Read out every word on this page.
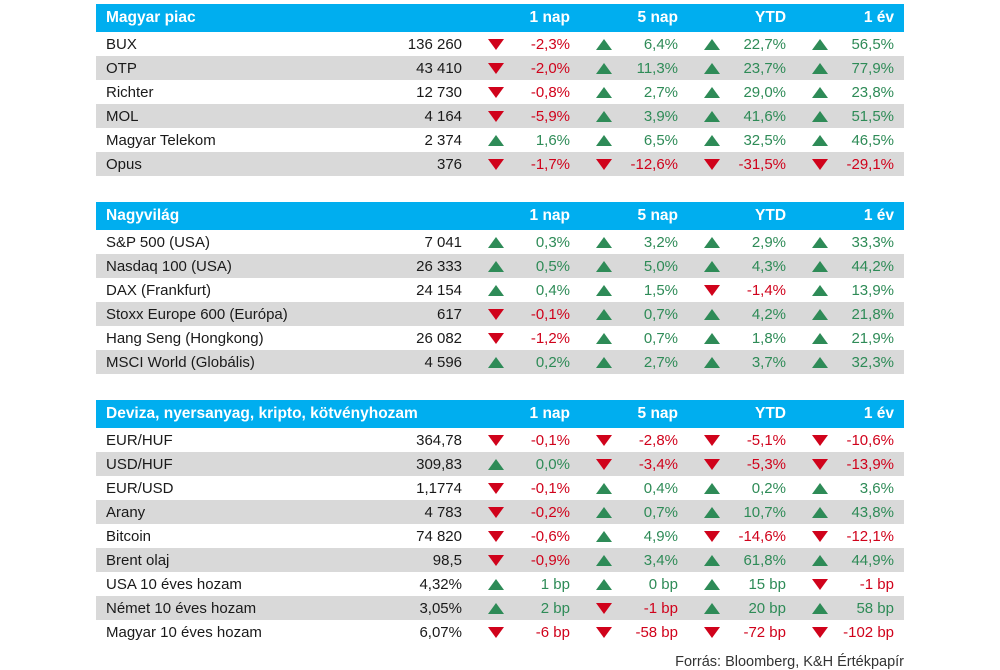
Magyar piac		1 nap	5 nap	YTD	1 év
BUX	136 260	-2,3%	6,4%	22,7%	56,5%

OTP	43 410	-2,0%	11,3%	23,7%	77,9%

Richter	12 730	-0,8%	2,7%	29,0%	23,8%

MOL	4 164	-5,9%	3,9%	41,6%	51,5%

Magyar Telekom	2 374	1,6%	6,5%	32,5%	46,5%

Opus	376	-1,7%	-12,6%	-31,5%	-29,1%
Nagyvilág		1 nap	5 nap	YTD	1 év
S&P 500 (USA)	7 041	0,3%	3,2%	2,9%	33,3%

Nasdaq 100 (USA)	26 333	0,5%	5,0%	4,3%	44,2%

DAX (Frankfurt)	24 154	0,4%	1,5%	-1,4%	13,9%

Stoxx Europe 600 (Európa)	617	-0,1%	0,7%	4,2%	21,8%

Hang Seng (Hongkong)	26 082	-1,2%	0,7%	1,8%	21,9%

MSCI World (Globális)	4 596	0,2%	2,7%	3,7%	32,3%
Deviza, nyersanyag, kripto, kötvényhozam		1 nap	5 nap	YTD	1 év
EUR/HUF	364,78	-0,1%	-2,8%	-5,1%	-10,6%

USD/HUF	309,83	0,0%	-3,4%	-5,3%	-13,9%

EUR/USD	1,1774	-0,1%	0,4%	0,2%	3,6%

Arany	4 783	-0,2%	0,7%	10,7%	43,8%

Bitcoin	74 820	-0,6%	4,9%	-14,6%	-12,1%

Brent olaj	98,5	-0,9%	3,4%	61,8%	44,9%

USA 10 éves hozam	4,32%	1 bp	0 bp	15 bp	-1 bp

Német 10 éves hozam	3,05%	2 bp	-1 bp	20 bp	58 bp

Magyar 10 éves hozam	6,07%	-6 bp	-58 bp	-72 bp	-102 bp
Forrás: Bloomberg, K&H Értékpapír
